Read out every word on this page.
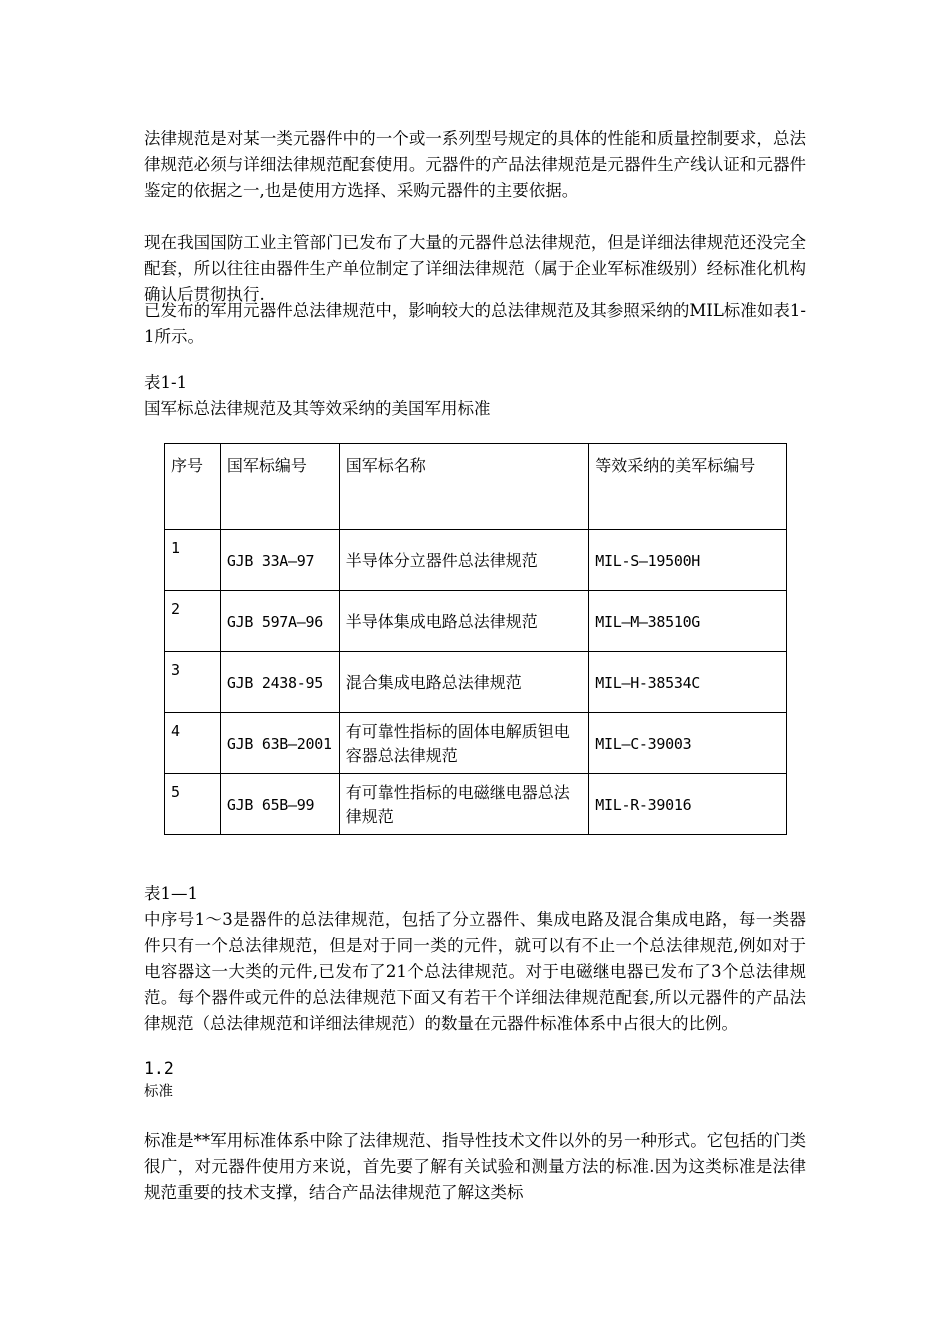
法律规范是对某一类元器件中的一个或一系列型号规定的具体的性能和质量控制要求，总法律规范必须与详细法律规范配套使用。元器件的产品法律规范是元器件生产线认证和元器件鉴定的依据之一,也是使用方选择、采购元器件的主要依据。

现在我国国防工业主管部门已发布了大量的元器件总法律规范，但是详细法律规范还没完全配套，所以往往由器件生产单位制定了详细法律规范（属于企业军标准级别）经标准化机构确认后贯彻执行.

已发布的军用元器件总法律规范中，影响较大的总法律规范及其参照采纳的MIL标准如表1-1所示。

表1-1

国军标总法律规范及其等效采纳的美国军用标准

序号	国军标编号	国军标名称	等效采纳的美军标编号
1	GJB 33A—97	半导体分立器件总法律规范	MIL-S—19500H
2	GJB 597A—96	半导体集成电路总法律规范	MIL—M—38510G
3	GJB 2438-95	混合集成电路总法律规范	MIL—H-38534C
4	GJB 63B—2001	有可靠性指标的固体电解质钽电容器总法律规范	MIL—C-39003
5	GJB 65B—99	有可靠性指标的电磁继电器总法律规范	MIL-R-39016

表1—1

中序号1～3是器件的总法律规范，包括了分立器件、集成电路及混合集成电路，每一类器件只有一个总法律规范，但是对于同一类的元件，就可以有不止一个总法律规范,例如对于电容器这一大类的元件,已发布了21个总法律规范。对于电磁继电器已发布了3个总法律规范。每个器件或元件的总法律规范下面又有若干个详细法律规范配套,所以元器件的产品法律规范（总法律规范和详细法律规范）的数量在元器件标准体系中占很大的比例。

1.2

标准

标准是**军用标准体系中除了法律规范、指导性技术文件以外的另一种形式。它包括的门类很广，对元器件使用方来说，首先要了解有关试验和测量方法的标准.因为这类标准是法律规范重要的技术支撑，结合产品法律规范了解这类标
